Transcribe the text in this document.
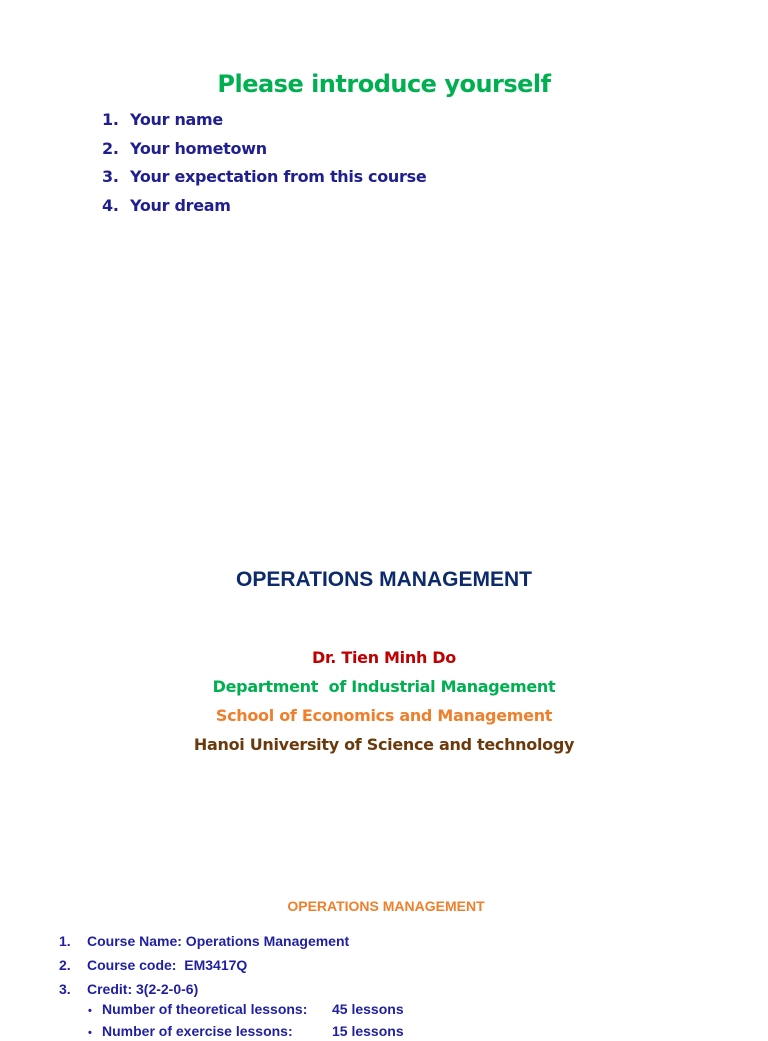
Please introduce yourself
1. Your name
2. Your hometown
3. Your expectation from this course
4. Your dream
OPERATIONS MANAGEMENT
Dr. Tien Minh Do
Department  of Industrial Management
School of Economics and Management
Hanoi University of Science and technology
OPERATIONS MANAGEMENT
1. Course Name: Operations Management
2. Course code:  EM3417Q
3. Credit: 3(2-2-0-6)
• Number of theoretical lessons: 45 lessons
• Number of exercise lessons:	15 lessons
